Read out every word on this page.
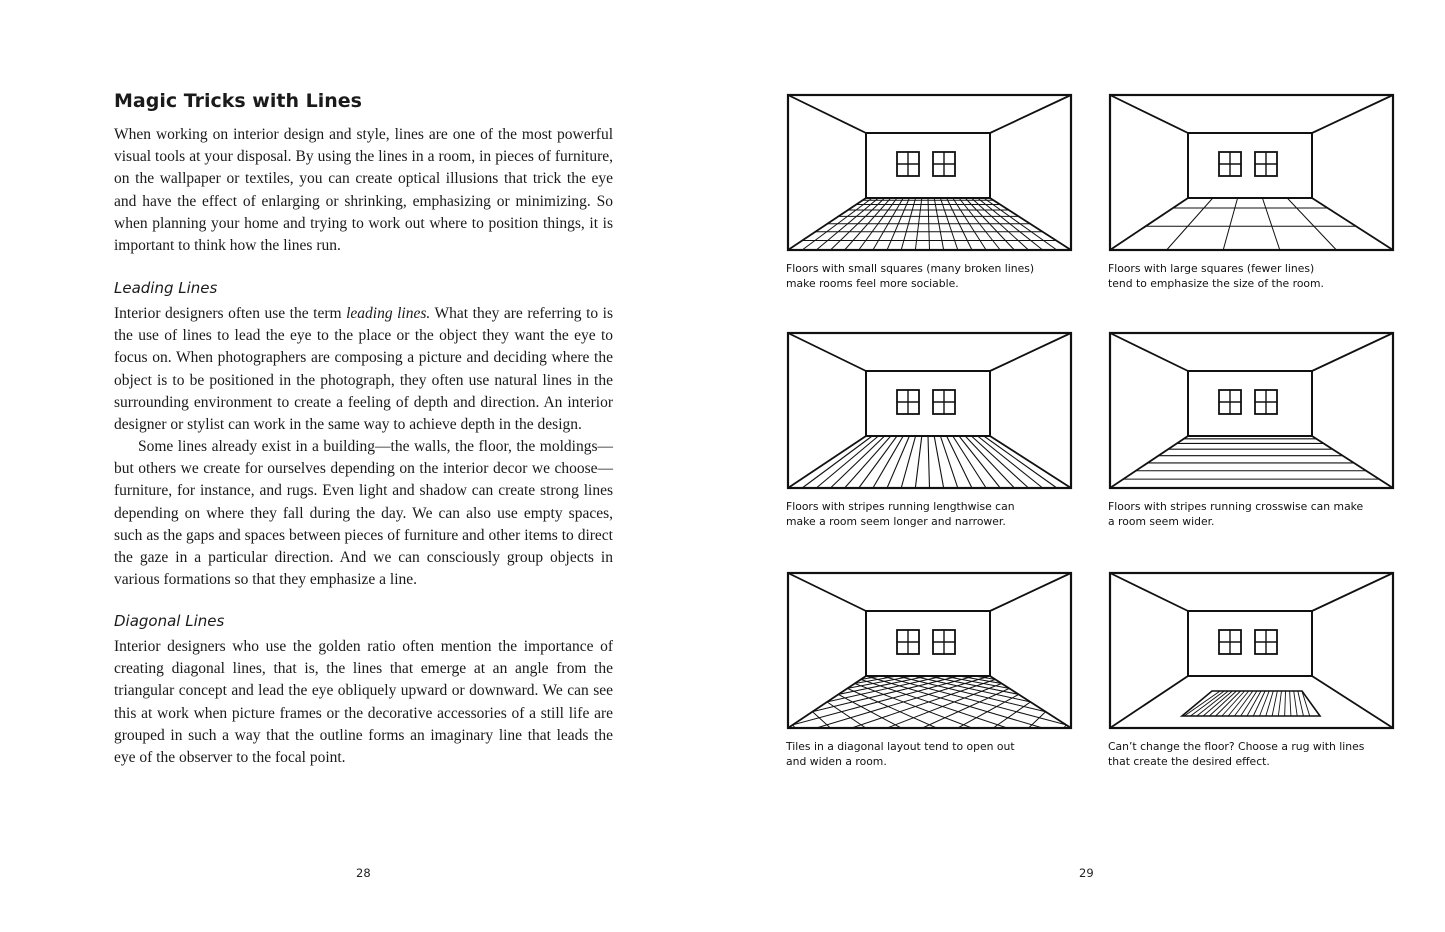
Magic Tricks with Lines

When working on interior design and style, lines are one of the most powerful visual tools at your disposal. By using the lines in a room, in pieces of furniture, on the wallpaper or textiles, you can create optical illusions that trick the eye and have the effect of enlarging or shrinking, emphasizing or minimizing. So when planning your home and trying to work out where to position things, it is important to think how the lines run.

Leading Lines

Interior designers often use the term leading lines. What they are referring to is the use of lines to lead the eye to the place or the object they want the eye to focus on. When photographers are composing a picture and deciding where the object is to be positioned in the photograph, they often use natural lines in the surrounding environment to create a feeling of depth and direction. An interior designer or stylist can work in the same way to achieve depth in the design.

Some lines already exist in a building—the walls, the floor, the moldings—but others we create for ourselves depending on the interior decor we choose—furniture, for instance, and rugs. Even light and shadow can create strong lines depending on where they fall during the day. We can also use empty spaces, such as the gaps and spaces between pieces of furniture and other items to direct the gaze in a particular direction. And we can consciously group objects in various formations so that they emphasize a line.

Diagonal Lines

Interior designers who use the golden ratio often mention the importance of creating diagonal lines, that is, the lines that emerge at an angle from the triangular concept and lead the eye obliquely upward or downward. We can see this at work when picture frames or the decorative accessories of a still life are grouped in such a way that the outline forms an imaginary line that leads the eye of the observer to the focal point.

28

Floors with small squares (many broken lines)
make rooms feel more sociable.

Floors with large squares (fewer lines)
tend to emphasize the size of the room.

Floors with stripes running lengthwise can
make a room seem longer and narrower.

Floors with stripes running crosswise can make
a room seem wider.

Tiles in a diagonal layout tend to open out
and widen a room.

Can’t change the floor? Choose a rug with lines
that create the desired effect.

29
